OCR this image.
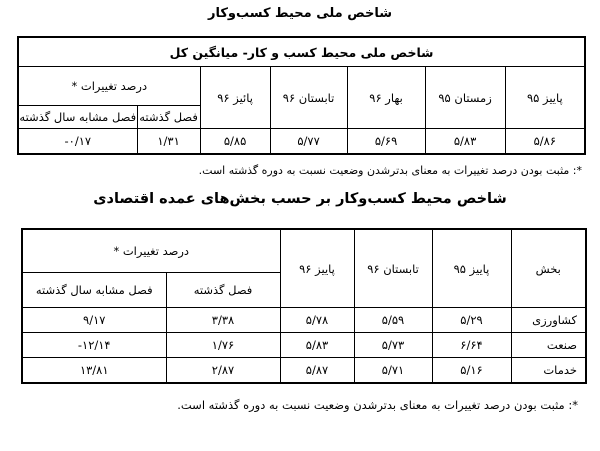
شاخص ملی محیط کسب‌وکار
شاخص ملی محیط کسب و کار- میانگین کل						
پاییز ۹۵	زمستان ۹۵	بهار ۹۶	تابستان ۹۶	پائیز ۹۶	درصد تغییرات *	
					فصل گذشته	فصل مشابه سال گذشته
۵/۸۶	۵/۸۳	۵/۶۹	۵/۷۷	۵/۸۵	۱/۳۱	۰/۱۷-
*: مثبت بودن درصد تغییرات به معنای بدترشدن وضعیت نسبت به دوره گذشته است.
شاخص محیط کسب‌وکار بر حسب بخش‌های عمده اقتصادی
بخش	پاییز ۹۵	تابستان ۹۶	پاییز ۹۶	درصد تغییرات *	
				فصل گذشته	فصل مشابه سال گذشته
کشاورزی	۵/۲۹	۵/۵۹	۵/۷۸	۳/۳۸	۹/۱۷
صنعت	۶/۶۴	۵/۷۳	۵/۸۳	۱/۷۶	۱۲/۱۴-
خدمات	۵/۱۶	۵/۷۱	۵/۸۷	۲/۸۷	۱۳/۸۱
*: مثبت بودن درصد تغییرات به معنای بدترشدن وضعیت نسبت به دوره گذشته است.
